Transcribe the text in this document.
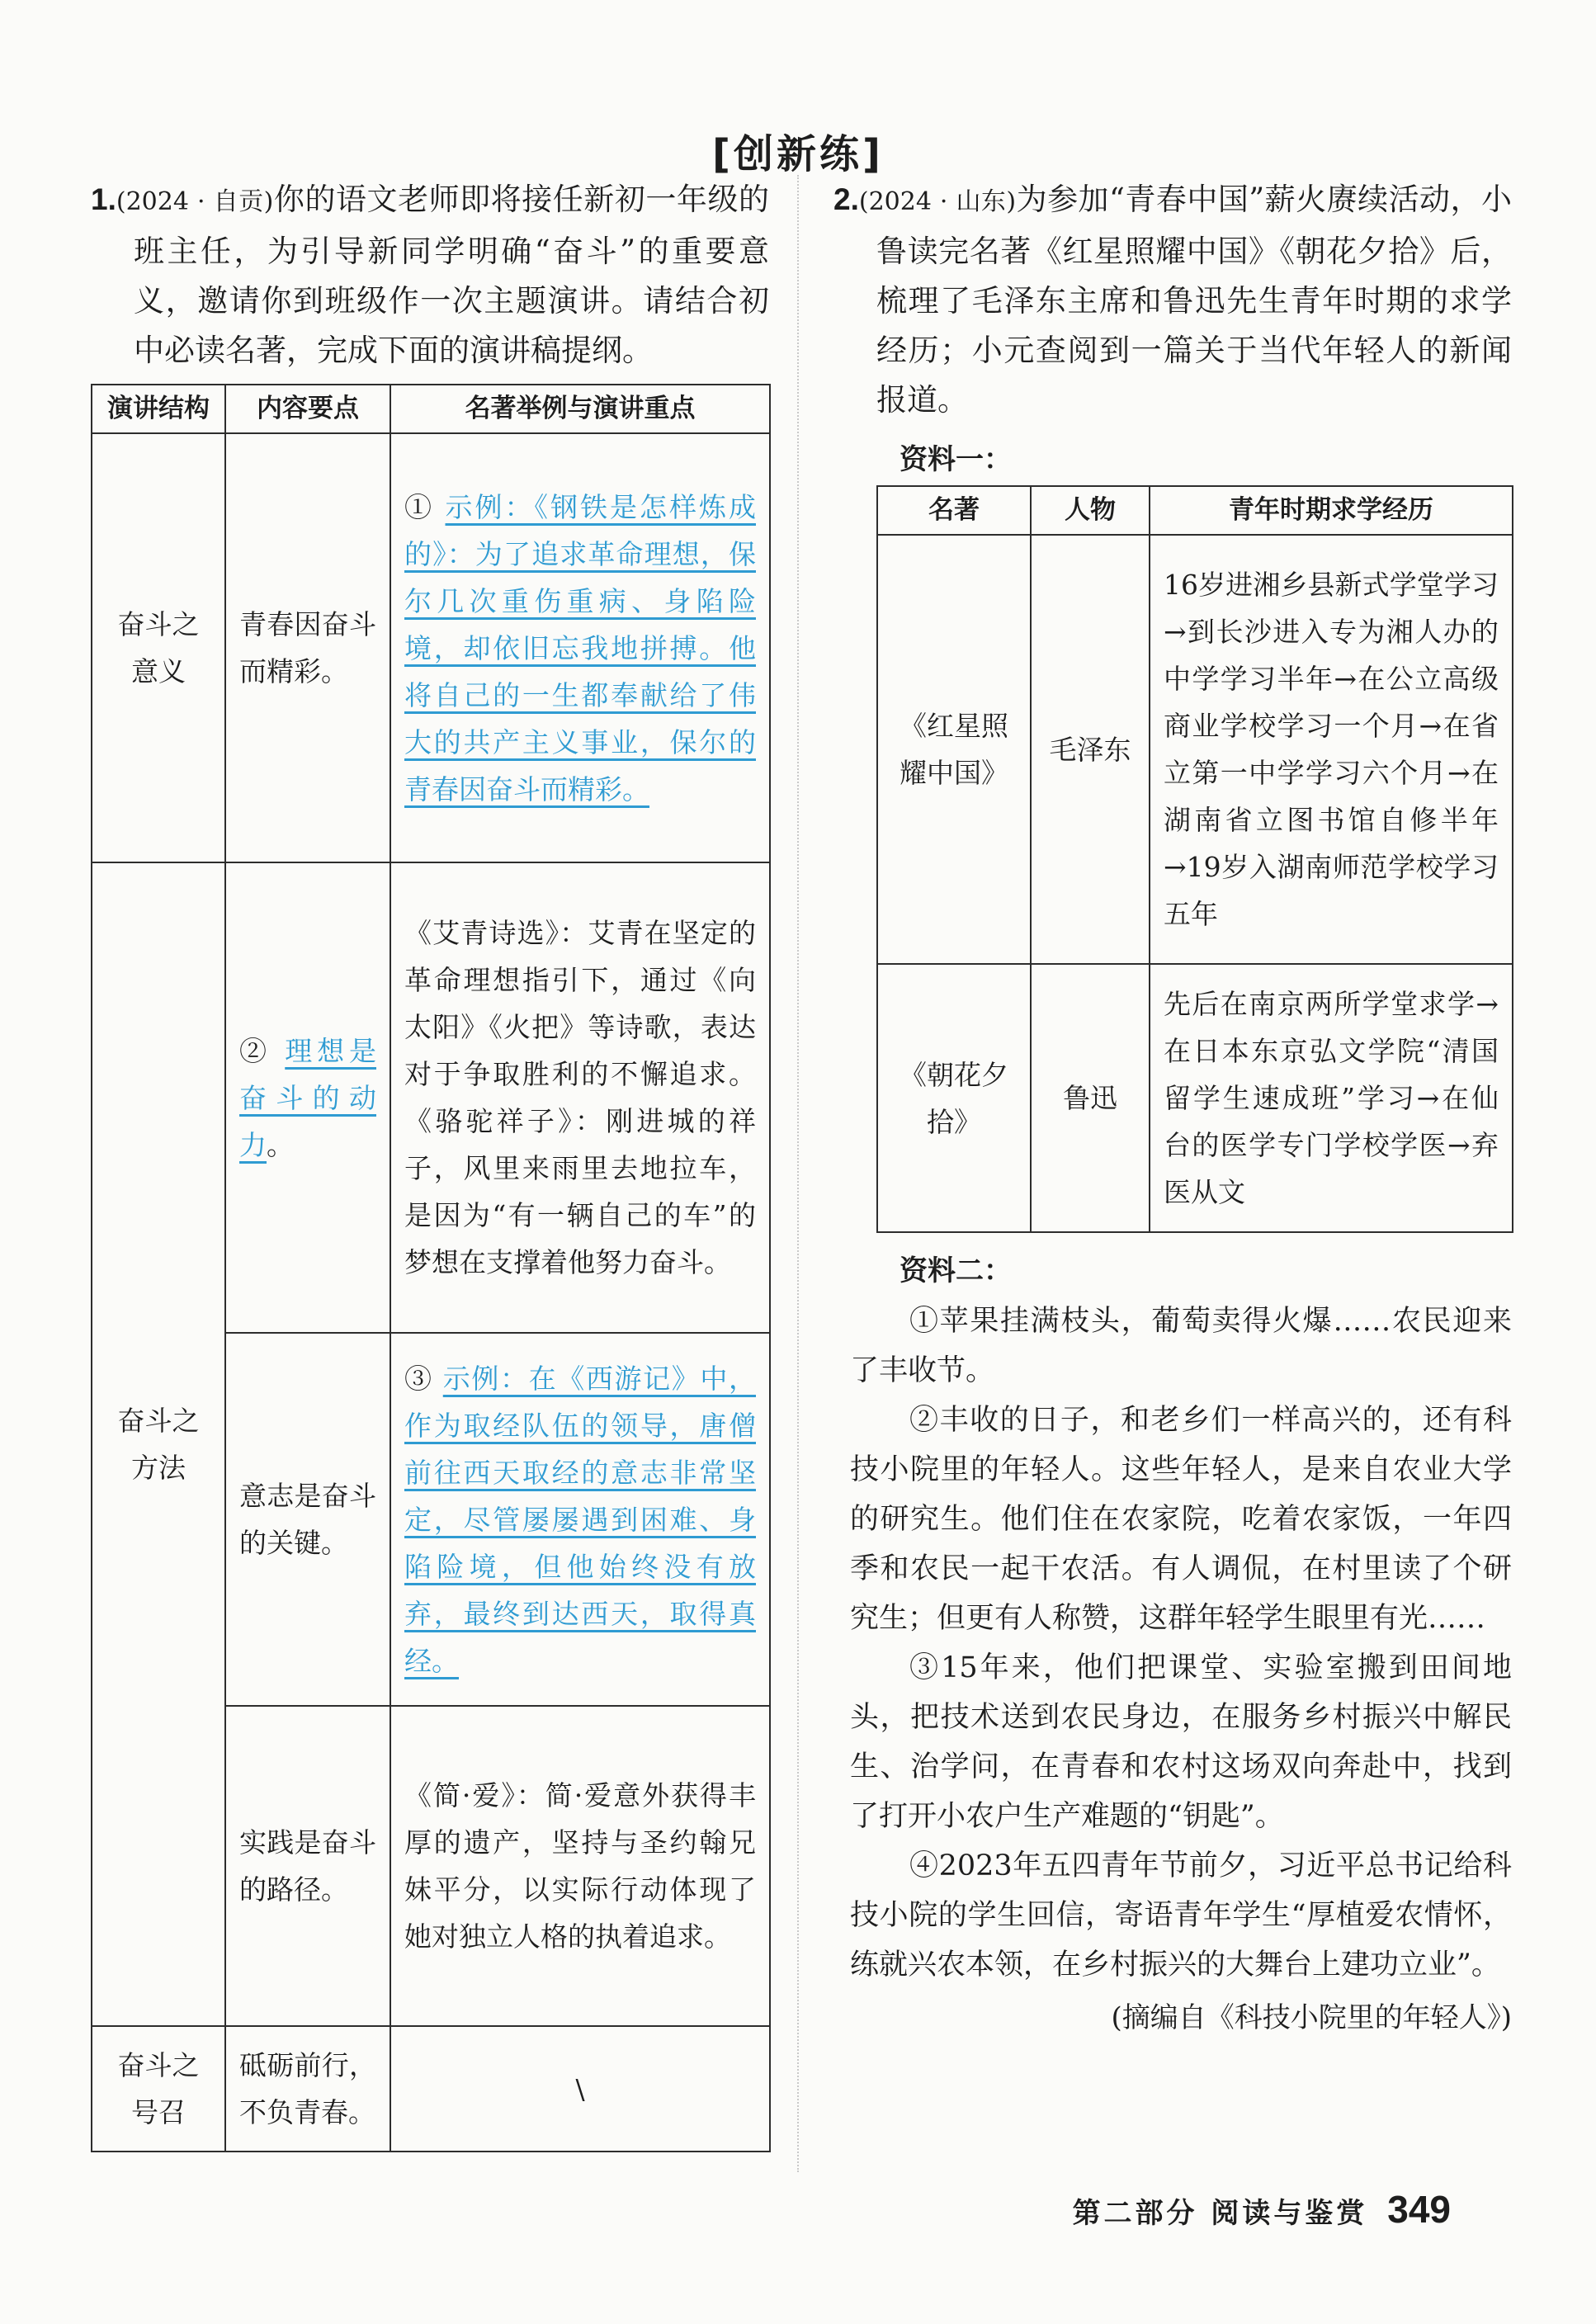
[创新练]

1.(2024 · 自贡)你的语文老师即将接任新初一年级的班主任，为引导新同学明确“奋斗”的重要意义，邀请你到班级作一次主题演讲。请结合初中必读名著，完成下面的演讲稿提纲。

演讲结构	内容要点	名著举例与演讲重点
奋斗之意义	青春因奋斗而精彩。	① 示例：《钢铁是怎样炼成的》：为了追求革命理想，保尔几次重伤重病、身陷险境，却依旧忘我地拼搏。他将自己的一生都奉献给了伟大的共产主义事业，保尔的青春因奋斗而精彩。
奋斗之方法	② 理想是奋斗的动力。	《艾青诗选》：艾青在坚定的革命理想指引下，通过《向太阳》《火把》等诗歌，表达对于争取胜利的不懈追求。《骆驼祥子》：刚进城的祥子，风里来雨里去地拉车，是因为“有一辆自己的车”的梦想在支撑着他努力奋斗。
	意志是奋斗的关键。	③ 示例：在《西游记》中，作为取经队伍的领导，唐僧前往西天取经的意志非常坚定，尽管屡屡遇到困难、身陷险境，但他始终没有放弃，最终到达西天，取得真经。
	实践是奋斗的路径。	《简·爱》：简·爱意外获得丰厚的遗产，坚持与圣约翰兄妹平分，以实际行动体现了她对独立人格的执着追求。
奋斗之号召	砥砺前行，不负青春。	\

2.(2024 · 山东)为参加“青春中国”薪火赓续活动，小鲁读完名著《红星照耀中国》《朝花夕拾》后，梳理了毛泽东主席和鲁迅先生青年时期的求学经历；小元查阅到一篇关于当代年轻人的新闻报道。

资料一：
名著	人物	青年时期求学经历
《红星照耀中国》	毛泽东	16岁进湘乡县新式学堂学习→到长沙进入专为湘人办的中学学习半年→在公立高级商业学校学习一个月→在省立第一中学学习六个月→在湖南省立图书馆自修半年→19岁入湖南师范学校学习五年
《朝花夕拾》	鲁迅	先后在南京两所学堂求学→在日本东京弘文学院“清国留学生速成班”学习→在仙台的医学专门学校学医→弃医从文
资料二：

①苹果挂满枝头，葡萄卖得火爆……农民迎来了丰收节。

②丰收的日子，和老乡们一样高兴的，还有科技小院里的年轻人。这些年轻人，是来自农业大学的研究生。他们住在农家院，吃着农家饭，一年四季和农民一起干农活。有人调侃，在村里读了个研究生；但更有人称赞，这群年轻学生眼里有光……

③15年来，他们把课堂、实验室搬到田间地头，把技术送到农民身边，在服务乡村振兴中解民生、治学问，在青春和农村这场双向奔赴中，找到了打开小农户生产难题的“钥匙”。

④2023年五四青年节前夕，习近平总书记给科技小院的学生回信，寄语青年学生“厚植爱农情怀，练就兴农本领，在乡村振兴的大舞台上建功立业”。

(摘编自《科技小院里的年轻人》)
第二部分 阅读与鉴赏 349
